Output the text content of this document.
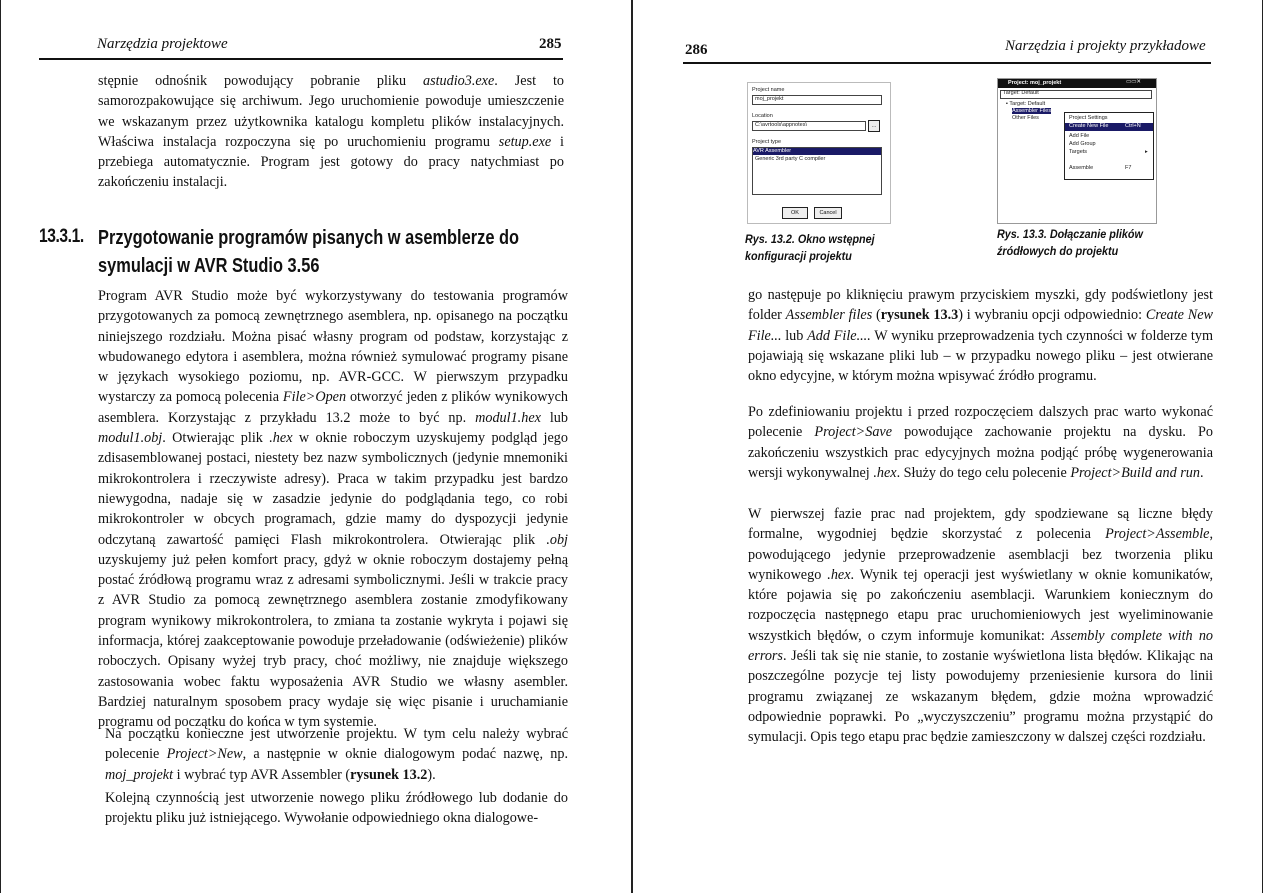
Narzędzia projektowe	285

stępnie odnośnik powodujący pobranie pliku astudio3.exe. Jest to samorozpakowujące się archiwum. Jego uruchomienie powoduje umieszczenie we wskazanym przez użytkownika katalogu kompletu plików instalacyjnych. Właściwa instalacja rozpoczyna się po uruchomieniu programu setup.exe i przebiega automatycznie. Program jest gotowy do pracy natychmiast po zakończeniu instalacji.

13.3.1. Przygotowanie programów pisanych w asemblerze do symulacji w AVR Studio 3.56

Program AVR Studio może być wykorzystywany do testowania programów przygotowanych za pomocą zewnętrznego asemblera, np. opisanego na początku niniejszego rozdziału. Można pisać własny program od podstaw, korzystając z wbudowanego edytora i asemblera, można również symulować programy pisane w językach wysokiego poziomu, np. AVR-GCC. W pierwszym przypadku wystarczy za pomocą polecenia File>Open otworzyć jeden z plików wynikowych asemblera. Korzystając z przykładu 13.2 może to być np. modul1.hex lub modul1.obj. Otwierając plik .hex w oknie roboczym uzyskujemy podgląd jego zdisasemblowanej postaci, niestety bez nazw symbolicznych (jedynie mnemoniki mikrokontrolera i rzeczywiste adresy). Praca w takim przypadku jest bardzo niewygodna, nadaje się w zasadzie jedynie do podglądania tego, co robi mikrokontroler w obcych programach, gdzie mamy do dyspozycji jedynie odczytaną zawartość pamięci Flash mikrokontrolera. Otwierając plik .obj uzyskujemy już pełen komfort pracy, gdyż w oknie roboczym dostajemy pełną postać źródłową programu wraz z adresami symbolicznymi. Jeśli w trakcie pracy z AVR Studio za pomocą zewnętrznego asemblera zostanie zmodyfikowany program wynikowy mikrokontrolera, to zmiana ta zostanie wykryta i pojawi się informacja, której zaakceptowanie powoduje przeładowanie (odświeżenie) plików roboczych. Opisany wyżej tryb pracy, choć możliwy, nie znajduje większego zastosowania wobec faktu wyposażenia AVR Studio we własny asembler. Bardziej naturalnym sposobem pracy wydaje się więc pisanie i uruchamianie programu od początku do końca w tym systemie.

Na początku konieczne jest utworzenie projektu. W tym celu należy wybrać polecenie Project>New, a następnie w oknie dialogowym podać nazwę, np. moj_projekt i wybrać typ AVR Assembler (rysunek 13.2).

Kolejną czynnością jest utworzenie nowego pliku źródłowego lub dodanie do projektu pliku już istniejącego. Wywołanie odpowiedniego okna dialogowe-

286	Narzędzia i projekty przykładowe
Project name
moj_projekt
Location
C:\avrtools\appnotes\	…
Project type
AVR Assembler
Generic 3rd party C compiler
OK	Cancel
Rys. 13.2. Okno wstępnej konfiguracji projektu
Project: moj_projekt	▭▭✕
Target: Default
▪ Target: Default
Assembler Files
Other Files	Project Settings
Create New File	Ctrl+N
Add File
Add Group
Targets	▸
Assemble	F7
Rys. 13.3. Dołączanie plików źródłowych do projektu

go następuje po kliknięciu prawym przyciskiem myszki, gdy podświetlony jest folder Assembler files (rysunek 13.3) i wybraniu opcji odpowiednio: Create New File... lub Add File.... W wyniku przeprowadzenia tych czynności w folderze tym pojawiają się wskazane pliki lub – w przypadku nowego pliku – jest otwierane okno edycyjne, w którym można wpisywać źródło programu.

Po zdefiniowaniu projektu i przed rozpoczęciem dalszych prac warto wykonać polecenie Project>Save powodujące zachowanie projektu na dysku. Po zakończeniu wszystkich prac edycyjnych można podjąć próbę wygenerowania wersji wykonywalnej .hex. Służy do tego celu polecenie Project>Build and run.

W pierwszej fazie prac nad projektem, gdy spodziewane są liczne błędy formalne, wygodniej będzie skorzystać z polecenia Project>Assemble, powodującego jedynie przeprowadzenie asemblacji bez tworzenia pliku wynikowego .hex. Wynik tej operacji jest wyświetlany w oknie komunikatów, które pojawia się po zakończeniu asemblacji. Warunkiem koniecznym do rozpoczęcia następnego etapu prac uruchomieniowych jest wyeliminowanie wszystkich błędów, o czym informuje komunikat: Assembly complete with no errors. Jeśli tak się nie stanie, to zostanie wyświetlona lista błędów. Klikając na poszczególne pozycje tej listy powodujemy przeniesienie kursora do linii programu związanej ze wskazanym błędem, gdzie można wprowadzić odpowiednie poprawki. Po „wyczyszczeniu” programu można przystąpić do symulacji. Opis tego etapu prac będzie zamieszczony w dalszej części rozdziału.
